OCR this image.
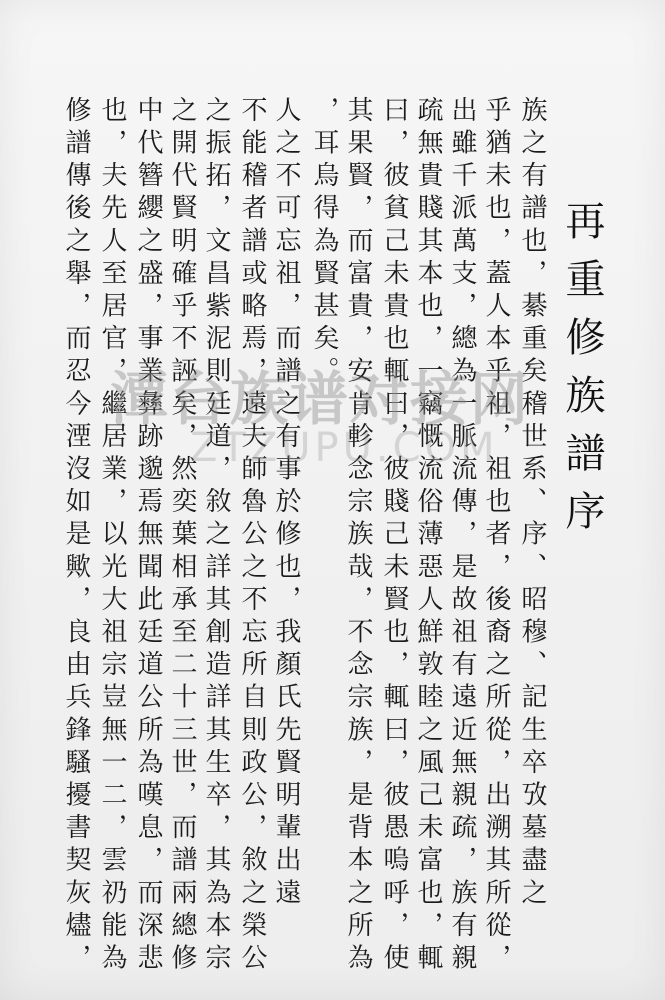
再重修族譜序
族之有譜也，綦重矣稽世系、序、昭穆、記生卒攷墓盡之
乎猶未也，蓋人本乎祖，祖也者，後裔之所從，出溯其所從，
出雖千派萬支，總為一脈流傳，是故祖有遠近無親疏，族有親
疏無貴賤其本也，一竊慨流俗薄惡人鮮敦睦之風己未富也，輒
曰，彼貧己未貴也輒曰，彼賤己未賢也，輒曰，彼愚嗚呼，使
其果賢，而富貴，安肯軫念宗族哉，不念宗族，是背本之所為
，耳烏得為賢甚矣。
人之不可忘祖，而譜之有事於修也，我顏氏先賢明輩出遠
不能稽者譜或略焉，遠夫師魯公之不忘所自則政公，敘之榮公
之振拓，文昌紫泥則廷道，敘之詳其創造詳其生卒，其為本宗
之開代賢明確乎不誣矣，然奕葉相承至二十三世，而譜兩總修
中代簪纓之盛，事業彝跡邈焉無聞此廷道公所為嘆息，而深悲
也，夫先人至居官，繼居業，以光大祖宗豈無一二，雲礽能為
修譜傳後之舉，而忍今湮沒如是歟，良由兵鋒騷擾書契灰燼， 潭台族谱对接网
ZTZUPU.COM
